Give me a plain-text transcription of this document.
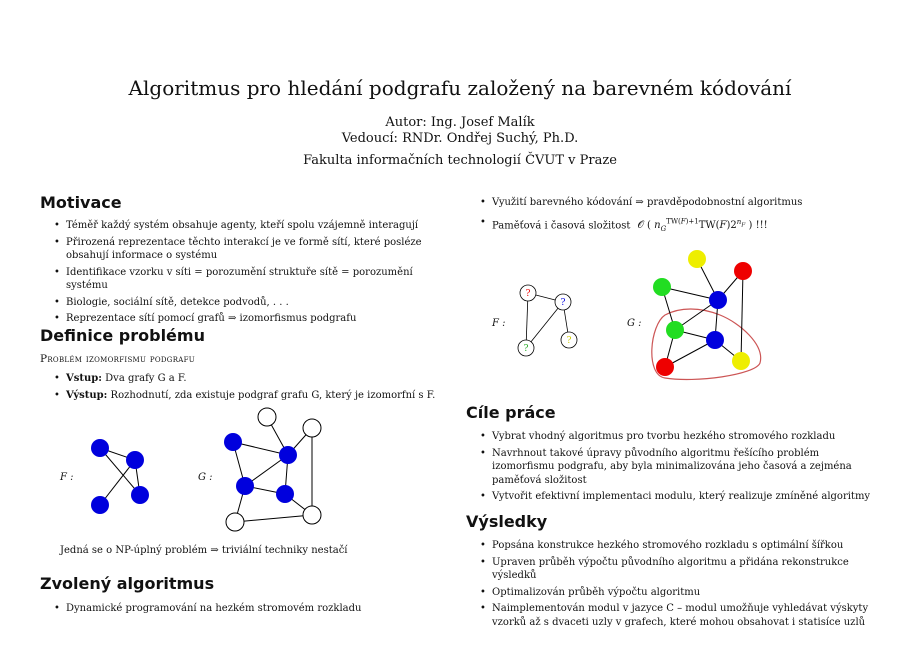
Algoritmus pro hledání podgrafu založený na barevném kódování
Autor: Ing. Josef Malík
Vedoucí: RNDr. Ondřej Suchý, Ph.D.
Fakulta informačních technologií ČVUT v Praze
Motivace
• Téměř každý systém obsahuje agenty, kteří spolu vzájemně interagují
• Přirozená reprezentace těchto interakcí je ve formě sítí, které posléze obsahují informace o systému
• Identifikace vzorku v síti = porozumění struktuře sítě = porozumění systému
• Biologie, sociální sítě, detekce podvodů, . . .
• Reprezentace sítí pomocí grafů ⇒ izomorfismus podgrafu
Definice problému
Problém izomorfismu podgrafu
• Vstup: Dva grafy G a F.
• Výstup: Rozhodnutí, zda existuje podgraf grafu G, který je izomorfní s F.
F :	G :
Jedná se o NP-úplný problém ⇒ triviální techniky nestačí
Zvolený algoritmus
• Dynamické programování na hezkém stromovém rozkladu
• Využití barevného kódování ⇒ pravděpodobnostní algoritmus
• Paměťová i časová složitost 𝒪 ( $n_G^{TW(F)+1}TW(F)2^{n_F}$ ) !!!
F :
?
?
?
?
G :
Cíle práce
• Vybrat vhodný algoritmus pro tvorbu hezkého stromového rozkladu
• Navrhnout takové úpravy původního algoritmu řešícího problém izomorfismu podgrafu, aby byla minimalizována jeho časová a zejména paměťová složitost
• Vytvořit efektivní implementaci modulu, který realizuje zmíněné algoritmy
Výsledky
• Popsána konstrukce hezkého stromového rozkladu s optimální šířkou
• Upraven průběh výpočtu původního algoritmu a přidána rekonstrukce výsledků
• Optimalizován průběh výpočtu algoritmu
• Naimplementován modul v jazyce C – modul umožňuje vyhledávat výskyty vzorků až s dvaceti uzly v grafech, které mohou obsahovat i statisíce uzlů
